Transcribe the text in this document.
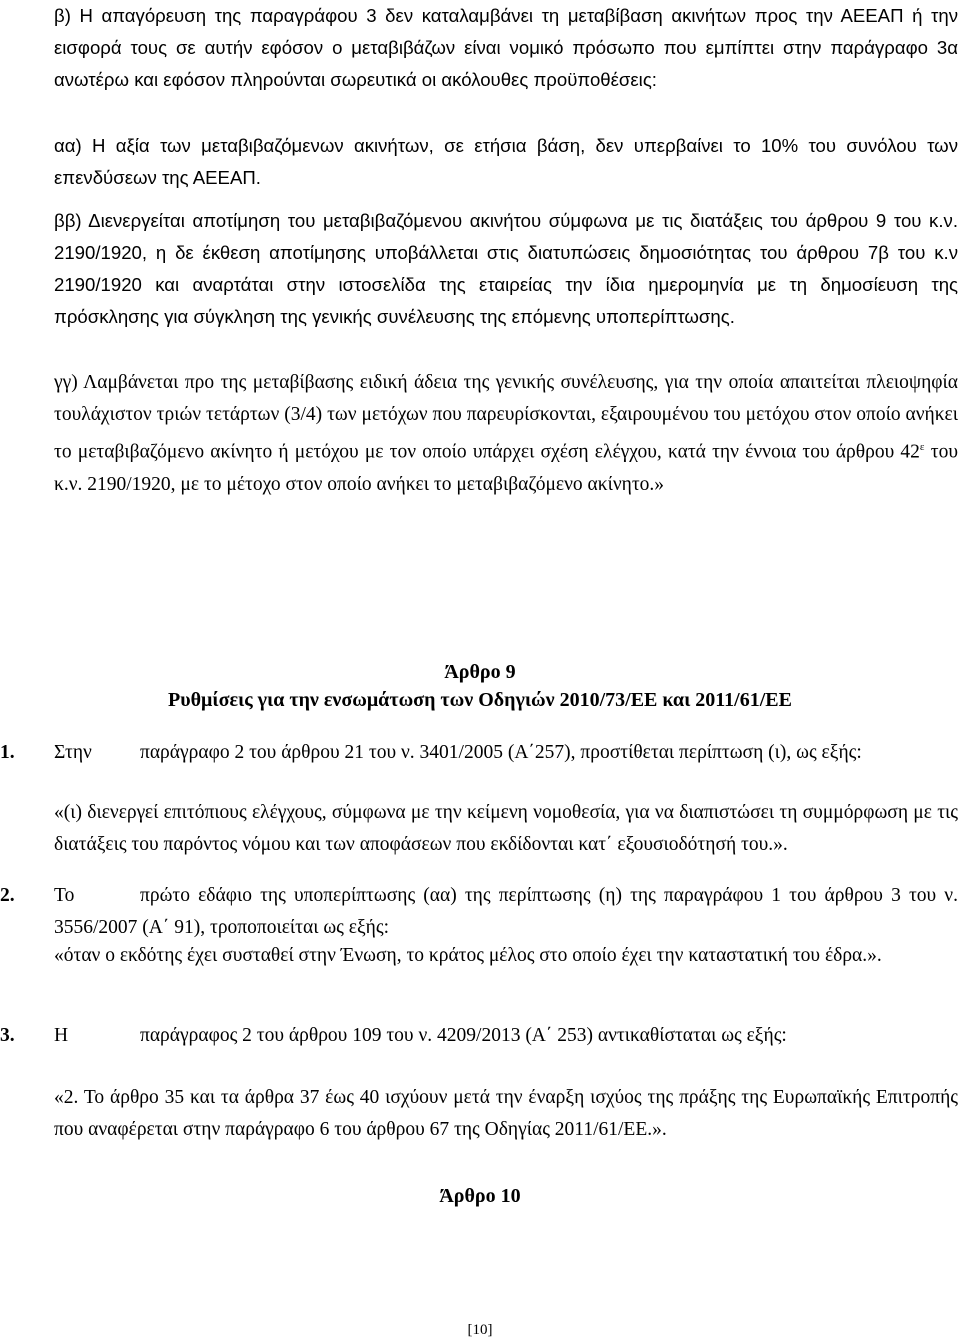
β) Η απαγόρευση της παραγράφου 3 δεν καταλαμβάνει τη μεταβίβαση ακινήτων προς την ΑΕΕΑΠ ή την εισφορά τους σε αυτήν εφόσον ο μεταβιβάζων είναι νομικό πρόσωπο που εμπίπτει στην παράγραφο 3α ανωτέρω και εφόσον πληρούνται σωρευτικά οι ακόλουθες προϋποθέσεις:

αα) Η αξία των μεταβιβαζόμενων ακινήτων, σε ετήσια βάση, δεν υπερβαίνει το 10% του συνόλου των επενδύσεων της ΑΕΕΑΠ.

ββ) Διενεργείται αποτίμηση του μεταβιβαζόμενου ακινήτου σύμφωνα με τις διατάξεις του άρθρου 9 του κ.ν. 2190/1920, η δε έκθεση αποτίμησης υποβάλλεται στις διατυπώσεις δημοσιότητας του άρθρου 7β του κ.ν 2190/1920 και αναρτάται στην ιστοσελίδα της εταιρείας την ίδια ημερομηνία με τη δημοσίευση της πρόσκλησης για σύγκληση της γενικής συνέλευσης της επόμενης υποπερίπτωσης.

γγ) Λαμβάνεται προ της μεταβίβασης ειδική άδεια της γενικής συνέλευσης, για την οποία απαιτείται πλειοψηφία τουλάχιστον τριών τετάρτων (3/4) των μετόχων που παρευρίσκονται, εξαιρουμένου του μετόχου στον οποίο ανήκει το μεταβιβαζόμενο ακίνητο ή μετόχου με τον οποίο υπάρχει σχέση ελέγχου, κατά την έννοια του άρθρου $42^\varepsilon$ του κ.ν. 2190/1920, με το μέτοχο στον οποίο ανήκει το μεταβιβαζόμενο ακίνητο.»

Άρθρο 9
Ρυθμίσεις για την ενσωμάτωση των Οδηγιών 2010/73/ΕΕ και 2011/61/ΕΕ
1. Στην παράγραφο 2 του άρθρου 21 του ν. 3401/2005 (Α΄257), προστίθεται περίπτωση (ι), ως εξής:

«(ι) διενεργεί επιτόπιους ελέγχους, σύμφωνα με την κείμενη νομοθεσία, για να διαπιστώσει τη συμμόρφωση με τις διατάξεις του παρόντος νόμου και των αποφάσεων που εκδίδονται κατ΄ εξουσιοδότησή του.».

2. Το	πρώτο εδάφιο της υποπερίπτωσης (αα) της περίπτωσης (η) της παραγράφου 1 του άρθρου 3 του ν. 3556/2007 (Α΄ 91), τροποποιείται ως εξής:

«όταν ο εκδότης έχει συσταθεί στην Ένωση, το κράτος μέλος στο οποίο έχει την καταστατική του έδρα.».

3. Η	παράγραφος 2 του άρθρου 109 του ν. 4209/2013 (Α΄ 253) αντικαθίσταται ως εξής:

«2. Το άρθρο 35 και τα άρθρα 37 έως 40 ισχύουν μετά την έναρξη ισχύος της πράξης της Ευρωπαϊκής Επιτροπής που αναφέρεται στην παράγραφο 6 του άρθρου 67 της Οδηγίας 2011/61/ΕΕ.».

Άρθρο 10
[10]
